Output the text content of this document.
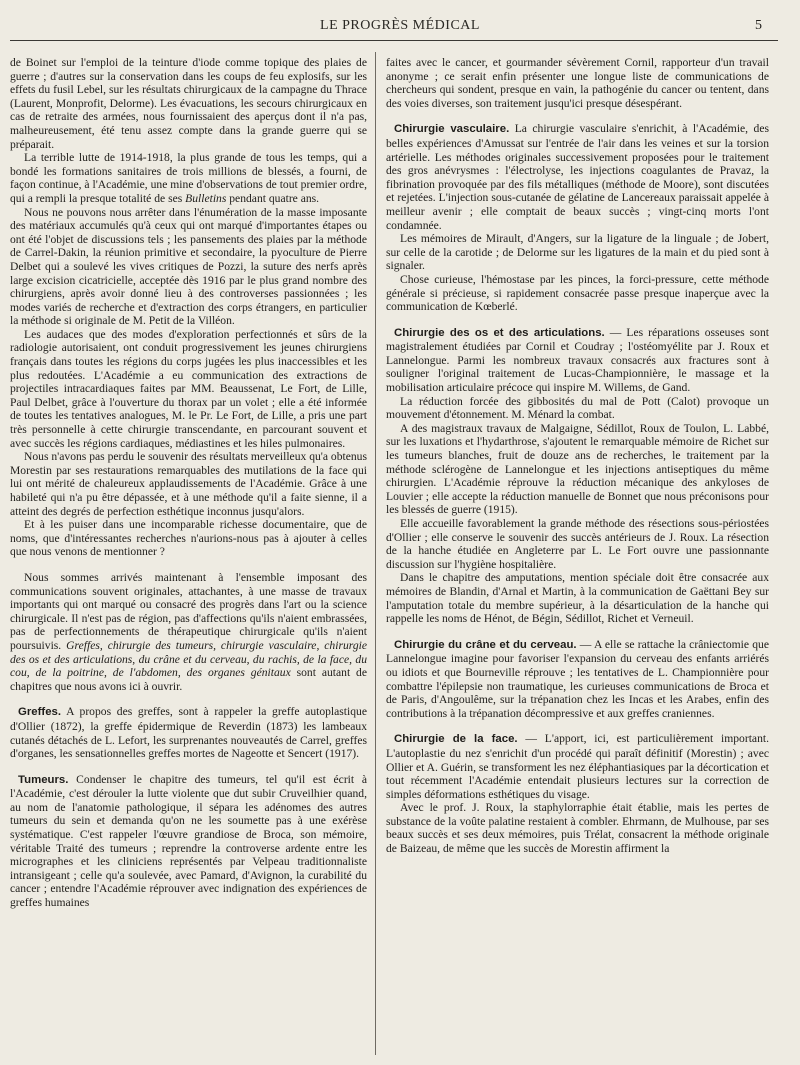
LE PROGRÈS MÉDICAL	5

de Boinet sur l'emploi de la teinture d'iode comme topique des plaies de guerre ; d'autres sur la conservation dans les coups de feu explosifs, sur les effets du fusil Lebel, sur les résultats chirurgicaux de la campagne du Thrace (Laurent, Monprofit, Delorme). Les évacuations, les secours chirurgicaux en cas de retraite des armées, nous fournissaient des aperçus dont il n'a pas, malheureusement, été tenu assez compte dans la grande guerre qui se préparait.

La terrible lutte de 1914-1918, la plus grande de tous les temps, qui a bondé les formations sanitaires de trois millions de blessés, a fourni, de façon continue, à l'Académie, une mine d'observations de tout premier ordre, qui a rempli la presque totalité de ses Bulletins pendant quatre ans.

Nous ne pouvons nous arrêter dans l'énumération de la masse imposante des matériaux accumulés qu'à ceux qui ont marqué d'importantes étapes ou ont été l'objet de discussions tels ; les pansements des plaies par la méthode de Carrel-Dakin, la réunion primitive et secondaire, la pyoculture de Pierre Delbet qui a soulevé les vives critiques de Pozzi, la suture des nerfs après large excision cicatricielle, acceptée dès 1916 par le plus grand nombre des chirurgiens, après avoir donné lieu à des controverses passionnées ; les modes variés de recherche et d'extraction des corps étrangers, en particulier la méthode si originale de M. Petit de la Villéon.

Les audaces que des modes d'exploration perfectionnés et sûrs de la radiologie autorisaient, ont conduit progressivement les jeunes chirurgiens français dans toutes les régions du corps jugées les plus inaccessibles et les plus redoutées. L'Académie a eu communication des extractions de projectiles intracardiaques faites par MM. Beaussenat, Le Fort, de Lille, Paul Delbet, grâce à l'ouverture du thorax par un volet ; elle a été informée de toutes les tentatives analogues, M. le Pr. Le Fort, de Lille, a pris une part très personnelle à cette chirurgie transcendante, en parcourant souvent et avec succès les régions cardiaques, médiastines et les hiles pulmonaires.

Nous n'avons pas perdu le souvenir des résultats merveilleux qu'a obtenus Morestin par ses restaurations remarquables des mutilations de la face qui lui ont mérité de chaleureux applaudissements de l'Académie. Grâce à une habileté qui n'a pu être dépassée, et à une méthode qu'il a faite sienne, il a atteint des degrés de perfection esthétique inconnus jusqu'alors.

Et à les puiser dans une incomparable richesse documentaire, que de noms, que d'intéressantes recherches n'aurions-nous pas à ajouter à celles que nous venons de mentionner ?

Nous sommes arrivés maintenant à l'ensemble imposant des communications souvent originales, attachantes, à une masse de travaux importants qui ont marqué ou consacré des progrès dans l'art ou la science chirurgicale. Il n'est pas de région, pas d'affections qu'ils n'aient embrassées, pas de perfectionnements de thérapeutique chirurgicale qu'ils n'aient poursuivis. Greffes, chirurgie des tumeurs, chirurgie vasculaire, chirurgie des os et des articulations, du crâne et du cerveau, du rachis, de la face, du cou, de la poitrine, de l'abdomen, des organes génitaux sont autant de chapitres que nous avons ici à ouvrir.

Greffes. A propos des greffes, sont à rappeler la greffe autoplastique d'Ollier (1872), la greffe épidermique de Reverdin (1873) les lambeaux cutanés détachés de L. Lefort, les surprenantes nouveautés de Carrel, greffes d'organes, les sensationnelles greffes mortes de Nageotte et Sencert (1917).

Tumeurs. Condenser le chapitre des tumeurs, tel qu'il est écrit à l'Académie, c'est dérouler la lutte violente que dut subir Cruveilhier quand, au nom de l'anatomie pathologique, il sépara les adénomes des autres tumeurs du sein et demanda qu'on ne les soumette pas à une exérèse systématique. C'est rappeler l'œuvre grandiose de Broca, son mémoire, véritable Traité des tumeurs ; reprendre la controverse ardente entre les micrographes et les cliniciens représentés par Velpeau traditionnaliste intransigeant ; celle qu'a soulevée, avec Pamard, d'Avignon, la curabilité du cancer ; entendre l'Académie réprouver avec indignation des expériences de greffes humaines

faites avec le cancer, et gourmander sévèrement Cornil, rapporteur d'un travail anonyme ; ce serait enfin présenter une longue liste de communications de chercheurs qui sondent, presque en vain, la pathogénie du cancer ou tentent, dans des voies diverses, son traitement jusqu'ici presque désespérant.

Chirurgie vasculaire. La chirurgie vasculaire s'enrichit, à l'Académie, des belles expériences d'Amussat sur l'entrée de l'air dans les veines et sur la torsion artérielle. Les méthodes originales successivement proposées pour le traitement des gros anévrysmes : l'électrolyse, les injections coagulantes de Pravaz, la fibrination provoquée par des fils métalliques (méthode de Moore), sont discutées et rejetées. L'injection sous-cutanée de gélatine de Lancereaux paraissait appelée à meilleur avenir ; elle comptait de beaux succès ; vingt-cinq morts l'ont condamnée.

Les mémoires de Mirault, d'Angers, sur la ligature de la linguale ; de Jobert, sur celle de la carotide ; de Delorme sur les ligatures de la main et du pied sont à signaler.

Chose curieuse, l'hémostase par les pinces, la forci-pressure, cette méthode générale si précieuse, si rapidement consacrée passe presque inaperçue avec la communication de Kœberlé.

Chirurgie des os et des articulations. — Les réparations osseuses sont magistralement étudiées par Cornil et Coudray ; l'ostéomyélite par J. Roux et Lannelongue. Parmi les nombreux travaux consacrés aux fractures sont à souligner l'original traitement de Lucas-Championnière, le massage et la mobilisation articulaire précoce qui inspire M. Willems, de Gand.

La réduction forcée des gibbosités du mal de Pott (Calot) provoque un mouvement d'étonnement. M. Ménard la combat.

A des magistraux travaux de Malgaigne, Sédillot, Roux de Toulon, L. Labbé, sur les luxations et l'hydarthrose, s'ajoutent le remarquable mémoire de Richet sur les tumeurs blanches, fruit de douze ans de recherches, le traitement par la méthode sclérogène de Lannelongue et les injections antiseptiques du même chirurgien. L'Académie réprouve la réduction mécanique des ankyloses de Louvier ; elle accepte la réduction manuelle de Bonnet que nous préconisons pour les blessés de guerre (1915).

Elle accueille favorablement la grande méthode des résections sous-périostées d'Ollier ; elle conserve le souvenir des succès antérieurs de J. Roux. La résection de la hanche étudiée en Angleterre par L. Le Fort ouvre une passionnante discussion sur l'hygiène hospitalière.

Dans le chapitre des amputations, mention spéciale doit être consacrée aux mémoires de Blandin, d'Arnal et Martin, à la communication de Gaëttani Bey sur l'amputation totale du membre supérieur, à la désarticulation de la hanche qui rappelle les noms de Hénot, de Bégin, Sédillot, Richet et Verneuil.

Chirurgie du crâne et du cerveau. — A elle se rattache la crâniectomie que Lannelongue imagine pour favoriser l'expansion du cerveau des enfants arriérés ou idiots et que Bourneville réprouve ; les tentatives de L. Championnière pour combattre l'épilepsie non traumatique, les curieuses communications de Broca et de Paris, d'Angoulême, sur la trépanation chez les Incas et les Arabes, enfin des contributions à la trépanation décompressive et aux greffes craniennes.

Chirurgie de la face. — L'apport, ici, est particulièrement important. L'autoplastie du nez s'enrichit d'un procédé qui paraît définitif (Morestin) ; avec Ollier et A. Guérin, se transforment les nez éléphantiasiques par la décortication et tout récemment l'Académie entendait plusieurs lectures sur la correction de simples déformations esthétiques du visage.

Avec le prof. J. Roux, la staphylorraphie était établie, mais les pertes de substance de la voûte palatine restaient à combler. Ehrmann, de Mulhouse, par ses beaux succès et ses deux mémoires, puis Trélat, consacrent la méthode originale de Baizeau, de même que les succès de Morestin affirment la
